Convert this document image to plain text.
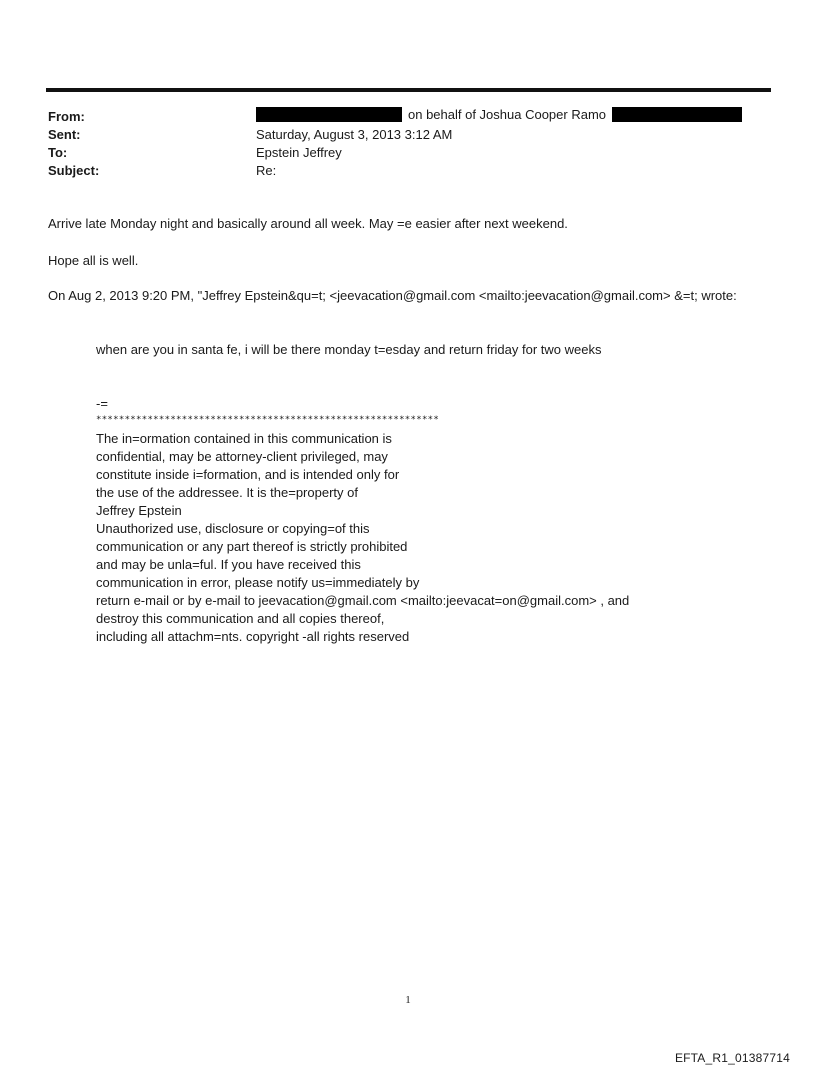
From:	on behalf of Joshua Cooper Ramo
Sent:	Saturday, August 3, 2013 3:12 AM
To:	Epstein Jeffrey
Subject:	Re:
Arrive late Monday night and basically around all week. May =e easier after next weekend.
Hope all is well.
On Aug 2, 2013 9:20 PM, "Jeffrey Epstein&qu=t; <jeevacation@gmail.com <mailto:jeevacation@gmail.com> &=t; wrote:
when are you in santa fe, i will be there monday t=esday and return friday for two weeks
-=
************************************************************
The in=ormation contained in this communication is
confidential, may be attorney-client privileged, may
constitute inside i=formation, and is intended only for
the use of the addressee. It is the=property of
Jeffrey Epstein
Unauthorized use, disclosure or copying=of this
communication or any part thereof is strictly prohibited
and may be unla=ful. If you have received this
communication in error, please notify us=immediately by
return e-mail or by e-mail to jeevacation@gmail.com <mailto:jeevacat=on@gmail.com> , and
destroy this communication and all copies thereof,
including all attachm=nts. copyright -all rights reserved
1
EFTA_R1_01387714
